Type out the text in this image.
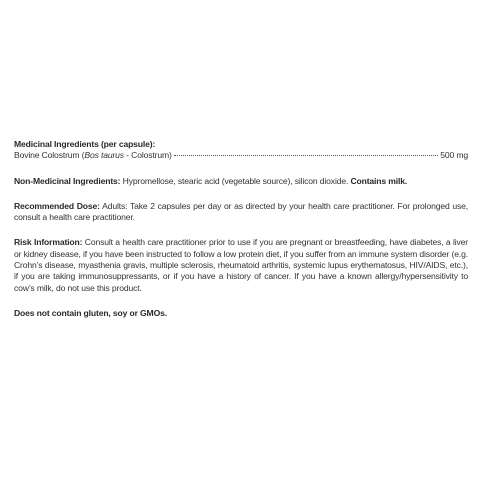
Medicinal Ingredients (per capsule):
Bovine Colostrum (Bos taurus - Colostrum)	500 mg

Non-Medicinal Ingredients: Hypromellose, stearic acid (vegetable source), silicon dioxide. Contains milk.

Recommended Dose: Adults: Take 2 capsules per day or as directed by your health care practitioner. For prolonged use, consult a health care practitioner.

Risk Information: Consult a health care practitioner prior to use if you are pregnant or breastfeeding, have diabetes, a liver or kidney disease, if you have been instructed to follow a low protein diet, if you suffer from an immune system disorder (e.g. Crohn’s disease, myasthenia gravis, multiple sclerosis, rheumatoid arthritis, systemic lupus erythematosus, HIV/AIDS, etc.), if you are taking immunosuppressants, or if you have a history of cancer. If you have a known allergy/hypersensitivity to cow’s milk, do not use this product.

Does not contain gluten, soy or GMOs.
